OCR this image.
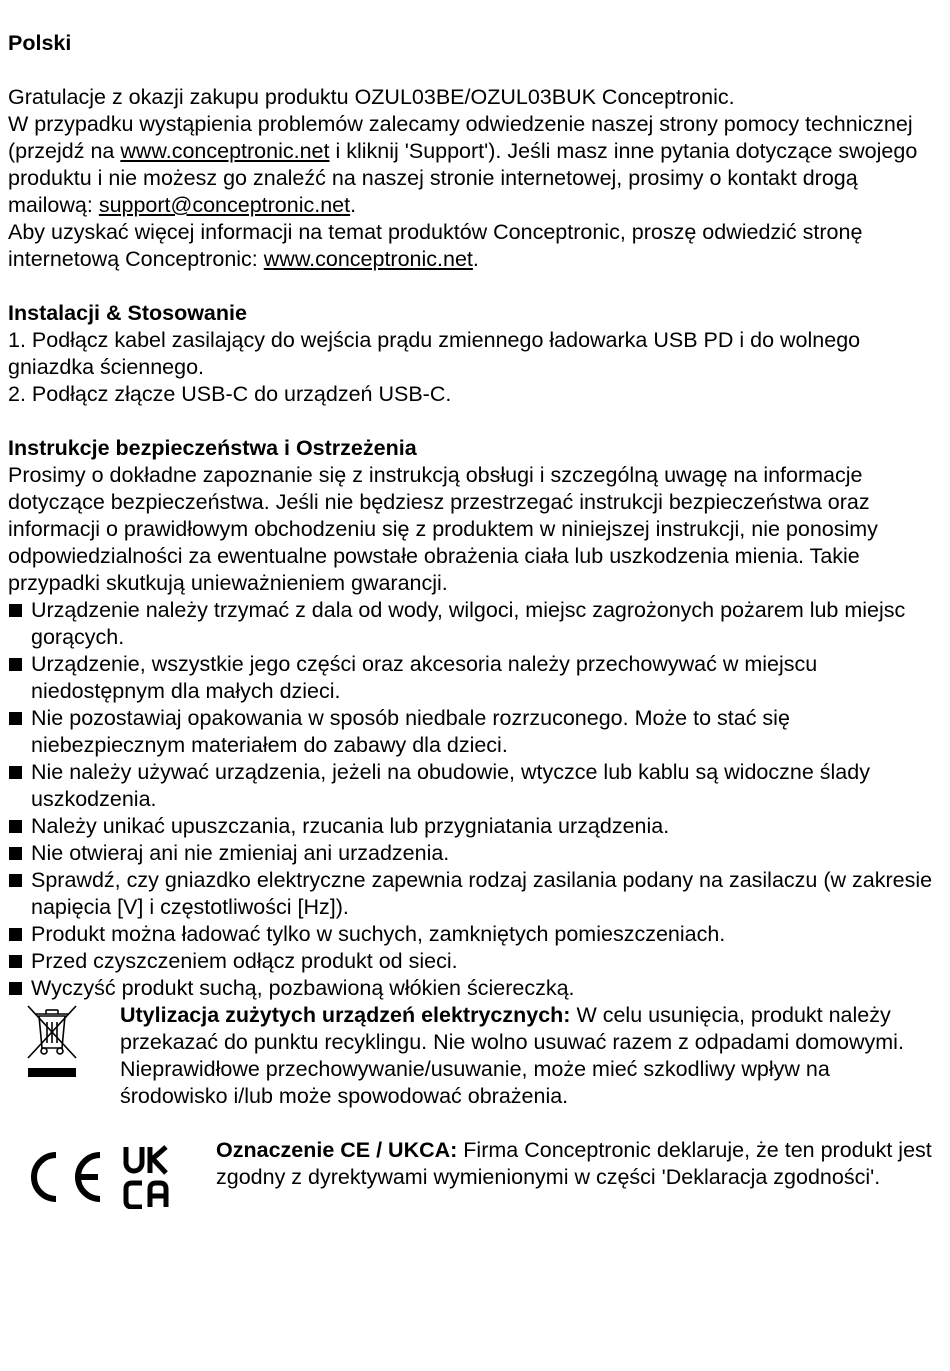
Polski

Gratulacje z okazji zakupu produktu OZUL03BE/OZUL03BUK Conceptronic.

W przypadku wystąpienia problemów zalecamy odwiedzenie naszej strony pomocy technicznej (przejdź na www.conceptronic.net i kliknij 'Support'). Jeśli masz inne pytania dotyczące swojego produktu i nie możesz go znaleźć na naszej stronie internetowej, prosimy o kontakt drogą mailową: support@conceptronic.net.

Aby uzyskać więcej informacji na temat produktów Conceptronic, proszę odwiedzić stronę internetową Conceptronic: www.conceptronic.net.

Instalacji & Stosowanie

1. Podłącz kabel zasilający do wejścia prądu zmiennego ładowarka USB PD i do wolnego gniazdka ściennego.

2. Podłącz złącze USB-C do urządzeń USB-C.

Instrukcje bezpieczeństwa i Ostrzeżenia

Prosimy o dokładne zapoznanie się z instrukcją obsługi i szczególną uwagę na informacje dotyczące bezpieczeństwa. Jeśli nie będziesz przestrzegać instrukcji bezpieczeństwa oraz informacji o prawidłowym obchodzeniu się z produktem w niniejszej instrukcji, nie ponosimy odpowiedzialności za ewentualne powstałe obrażenia ciała lub uszkodzenia mienia. Takie przypadki skutkują unieważnieniem gwarancji.

Urządzenie należy trzymać z dala od wody, wilgoci, miejsc zagrożonych pożarem lub miejsc gorących.
Urządzenie, wszystkie jego części oraz akcesoria należy przechowywać w miejscu niedostępnym dla małych dzieci.
Nie pozostawiaj opakowania w sposób niedbale rozrzuconego. Może to stać się niebezpiecznym materiałem do zabawy dla dzieci.
Nie należy używać urządzenia, jeżeli na obudowie, wtyczce lub kablu są widoczne ślady uszkodzenia.
Należy unikać upuszczania, rzucania lub przygniatania urządzenia.
Nie otwieraj ani nie zmieniaj ani urzadzenia.
Sprawdź, czy gniazdko elektryczne zapewnia rodzaj zasilania podany na zasilaczu (w zakresie napięcia [V] i częstotliwości [Hz]).
Produkt można ładować tylko w suchych, zamkniętych pomieszczeniach.
Przed czyszczeniem odłącz produkt od sieci.
Wyczyść produkt suchą, pozbawioną włókien ściereczką.

Utylizacja zużytych urządzeń elektrycznych: W celu usunięcia, produkt należy przekazać do punktu recyklingu. Nie wolno usuwać razem z odpadami domowymi. Nieprawidłowe przechowywanie/usuwanie, może mieć szkodliwy wpływ na środowisko i/lub może spowodować obrażenia.

Oznaczenie CE / UKCA: Firma Conceptronic deklaruje, że ten produkt jest zgodny z dyrektywami wymienionymi w części 'Deklaracja zgodności'.
